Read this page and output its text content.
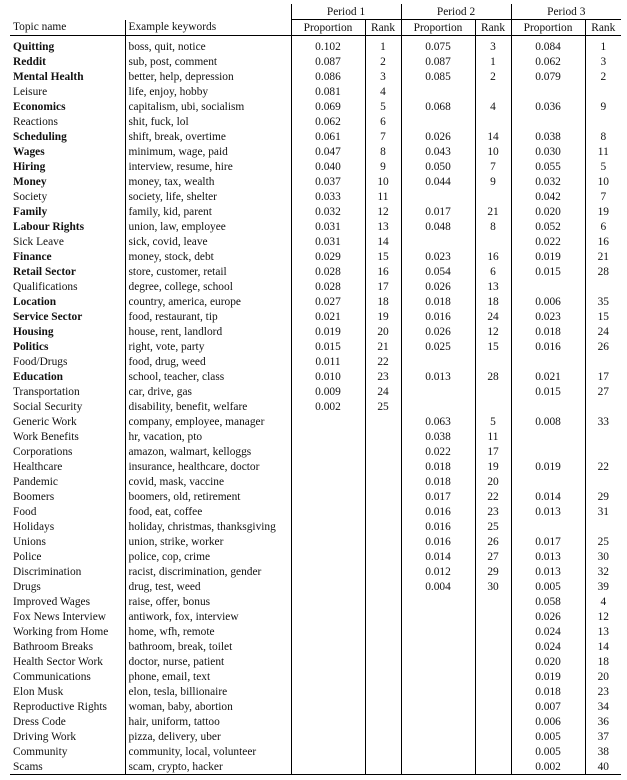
		Period 1		Period 2		Period 3	
Topic name	Example keywords	Proportion	Rank	Proportion	Rank	Proportion	Rank

Quitting	boss, quit, notice	0.102	1	0.075	3	0.084	1
Reddit	sub, post, comment	0.087	2	0.087	1	0.062	3
Mental Health	better, help, depression	0.086	3	0.085	2	0.079	2
Leisure	life, enjoy, hobby	0.081	4				
Economics	capitalism, ubi, socialism	0.069	5	0.068	4	0.036	9
Reactions	shit, fuck, lol	0.062	6				
Scheduling	shift, break, overtime	0.061	7	0.026	14	0.038	8
Wages	minimum, wage, paid	0.047	8	0.043	10	0.030	11
Hiring	interview, resume, hire	0.040	9	0.050	7	0.055	5
Money	money, tax, wealth	0.037	10	0.044	9	0.032	10
Society	society, life, shelter	0.033	11			0.042	7
Family	family, kid, parent	0.032	12	0.017	21	0.020	19
Labour Rights	union, law, employee	0.031	13	0.048	8	0.052	6
Sick Leave	sick, covid, leave	0.031	14			0.022	16
Finance	money, stock, debt	0.029	15	0.023	16	0.019	21
Retail Sector	store, customer, retail	0.028	16	0.054	6	0.015	28
Qualifications	degree, college, school	0.028	17	0.026	13		
Location	country, america, europe	0.027	18	0.018	18	0.006	35
Service Sector	food, restaurant, tip	0.021	19	0.016	24	0.023	15
Housing	house, rent, landlord	0.019	20	0.026	12	0.018	24
Politics	right, vote, party	0.015	21	0.025	15	0.016	26
Food/Drugs	food, drug, weed	0.011	22				
Education	school, teacher, class	0.010	23	0.013	28	0.021	17
Transportation	car, drive, gas	0.009	24			0.015	27
Social Security	disability, benefit, welfare	0.002	25				
Generic Work	company, employee, manager			0.063	5	0.008	33
Work Benefits	hr, vacation, pto			0.038	11		
Corporations	amazon, walmart, kelloggs			0.022	17		
Healthcare	insurance, healthcare, doctor			0.018	19	0.019	22
Pandemic	covid, mask, vaccine			0.018	20		
Boomers	boomers, old, retirement			0.017	22	0.014	29
Food	food, eat, coffee			0.016	23	0.013	31
Holidays	holiday, christmas, thanksgiving			0.016	25		
Unions	union, strike, worker			0.016	26	0.017	25
Police	police, cop, crime			0.014	27	0.013	30
Discrimination	racist, discrimination, gender			0.012	29	0.013	32
Drugs	drug, test, weed			0.004	30	0.005	39
Improved Wages	raise, offer, bonus					0.058	4
Fox News Interview	antiwork, fox, interview					0.026	12
Working from Home	home, wfh, remote					0.024	13
Bathroom Breaks	bathroom, break, toilet					0.024	14
Health Sector Work	doctor, nurse, patient					0.020	18
Communications	phone, email, text					0.019	20
Elon Musk	elon, tesla, billionaire					0.018	23
Reproductive Rights	woman, baby, abortion					0.007	34
Dress Code	hair, uniform, tattoo					0.006	36
Driving Work	pizza, delivery, uber					0.005	37
Community	community, local, volunteer					0.005	38
Scams	scam, crypto, hacker					0.002	40
